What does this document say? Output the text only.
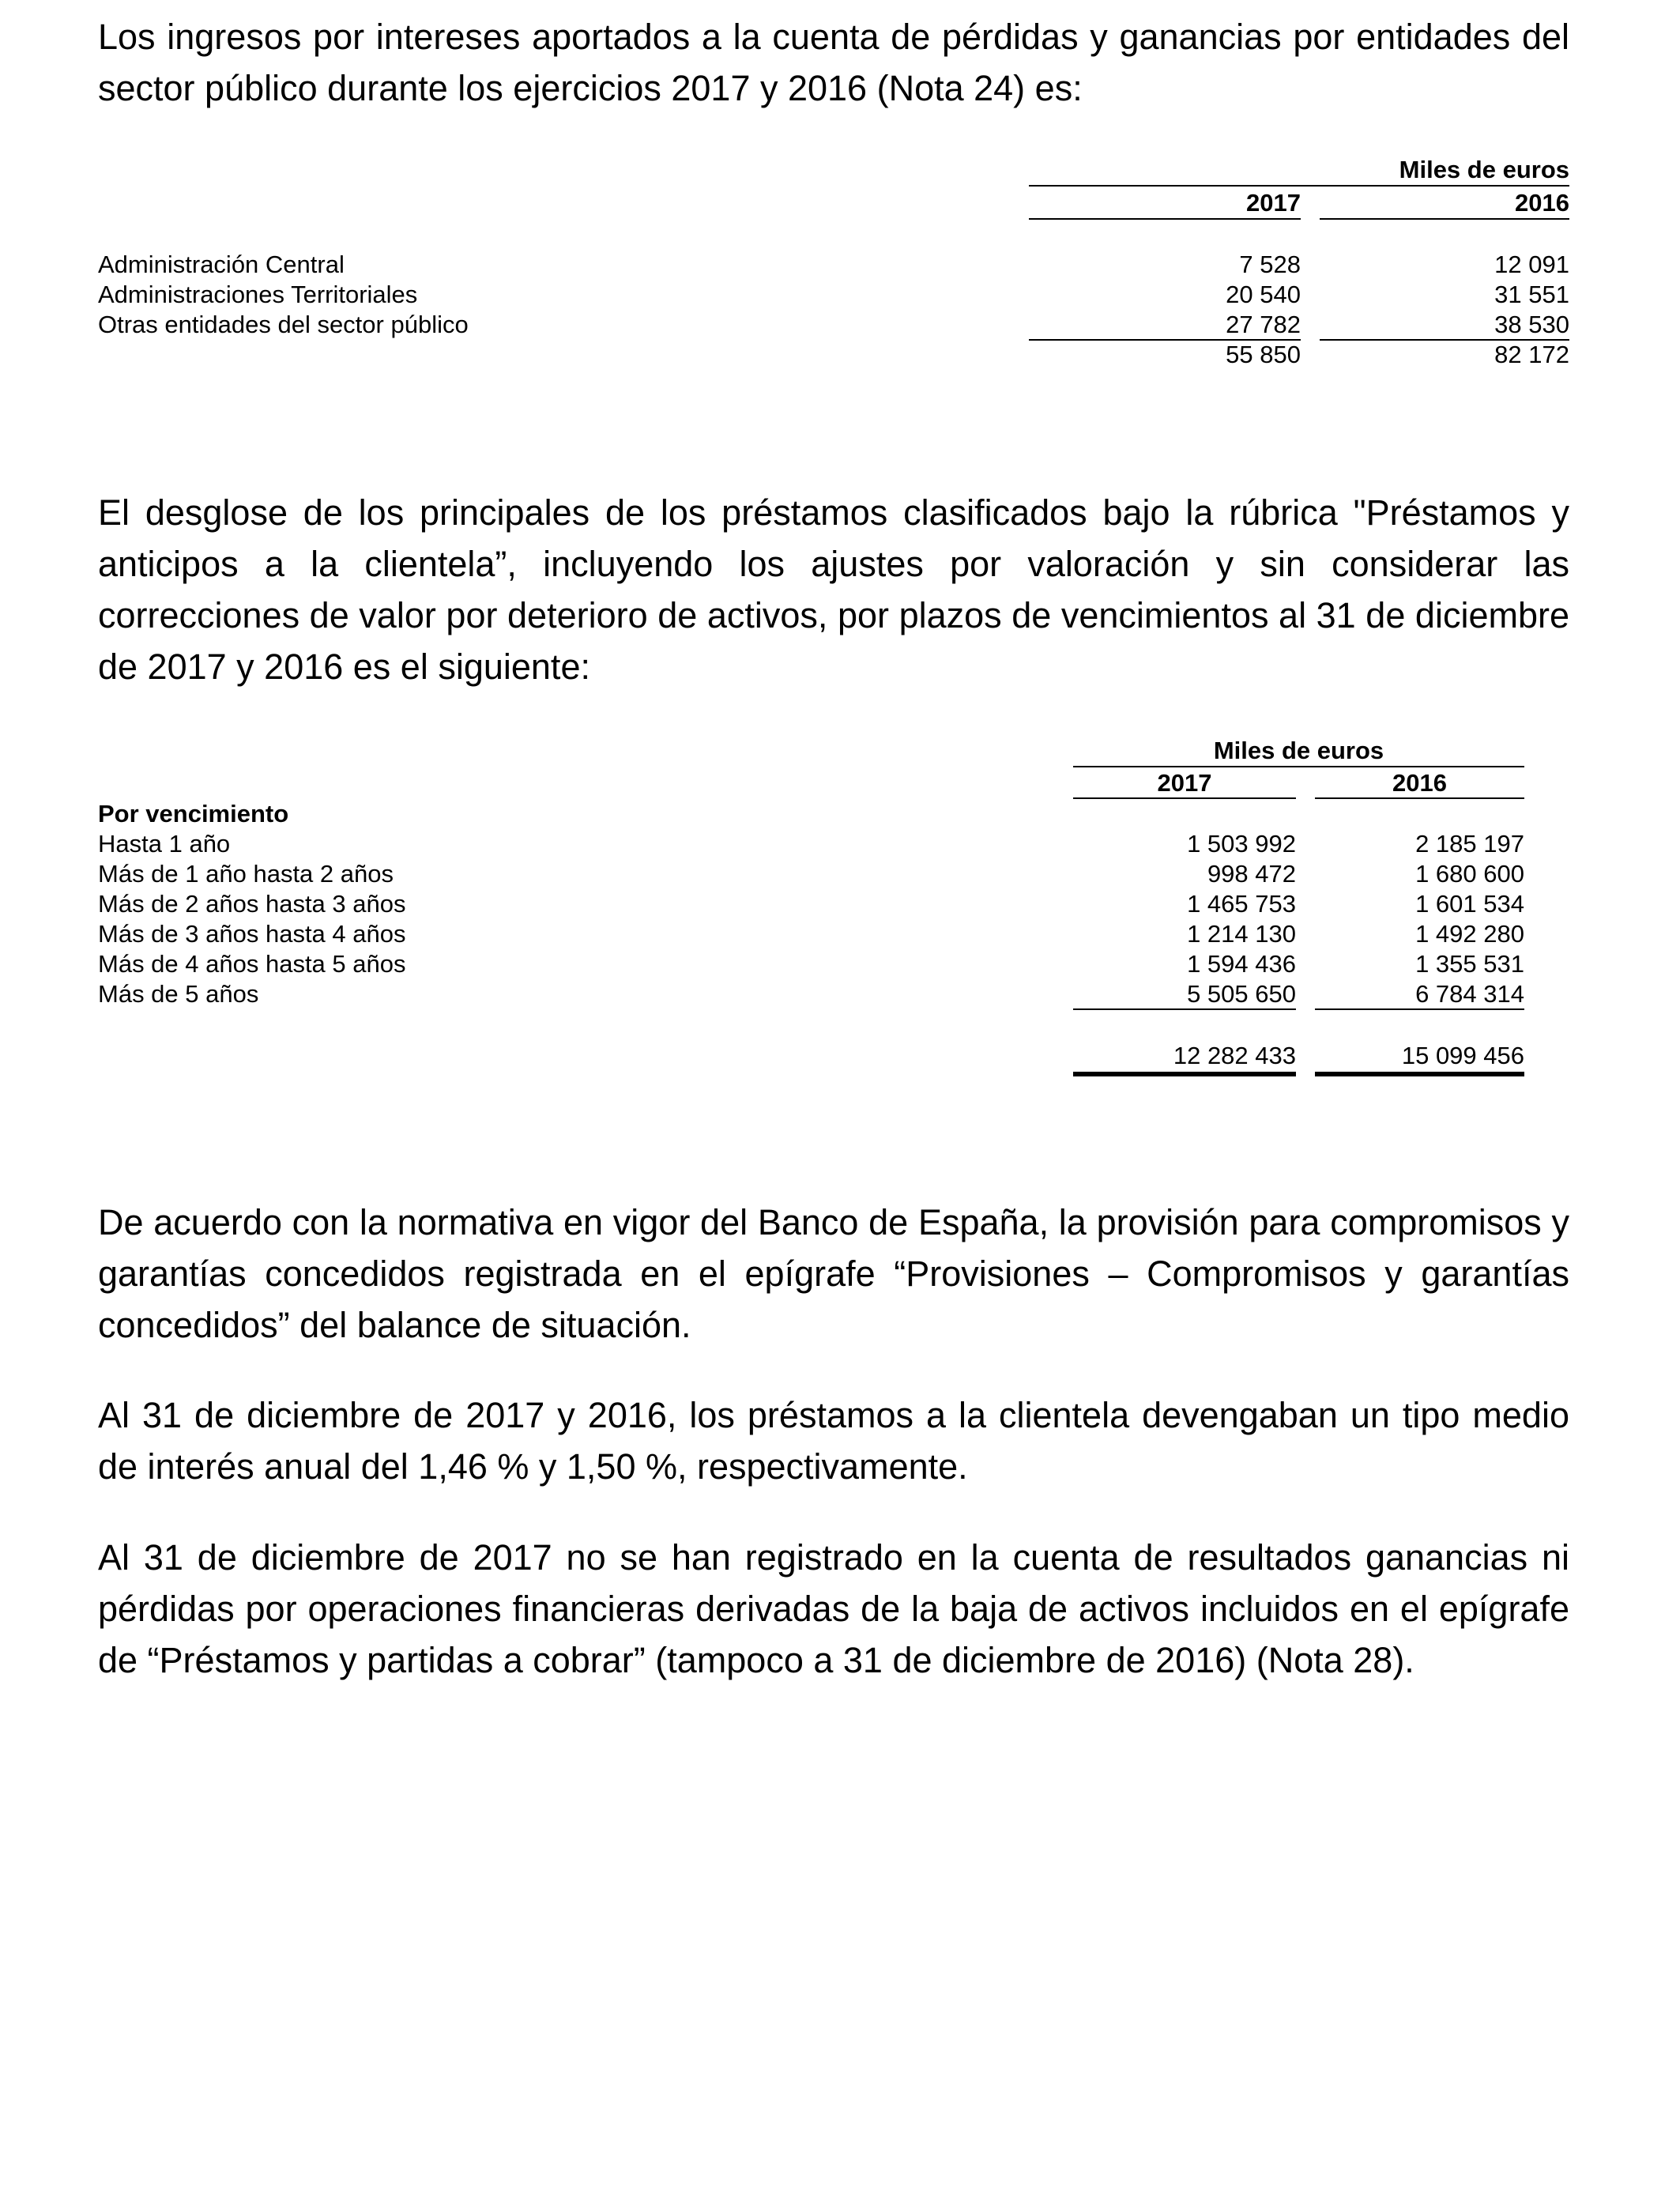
Los ingresos por intereses aportados a la cuenta de pérdidas y ganancias por entidades del sector público durante los ejercicios 2017 y 2016 (Nota 24) es:

Miles de euros
2017	2016
Administración Central	7 528	12 091
Administraciones Territoriales	20 540	31 551
Otras entidades del sector público	27 782	38 530
55 850	82 172

El desglose de los principales de los préstamos clasificados bajo la rúbrica "Préstamos y anticipos a la clientela”, incluyendo los ajustes por valoración y sin considerar las correcciones de valor por deterioro de activos, por plazos de vencimientos al 31 de diciembre de 2017 y 2016 es el siguiente:

Miles de euros
2017	2016
Por vencimiento
Hasta 1 año	1 503 992	2 185 197
Más de 1 año hasta 2 años	998 472	1 680 600
Más de 2 años hasta 3 años	1 465 753	1 601 534
Más de 3 años hasta 4 años	1 214 130	1 492 280
Más de 4 años hasta 5 años	1 594 436	1 355 531
Más de 5 años	5 505 650	6 784 314
12 282 433	15 099 456

De acuerdo con la normativa en vigor del Banco de España, la provisión para compromisos y garantías concedidos registrada en el epígrafe “Provisiones – Compromisos y garantías concedidos” del balance de situación.

Al 31 de diciembre de 2017 y 2016, los préstamos a la clientela devengaban un tipo medio de interés anual del 1,46 % y 1,50 %, respectivamente.

Al 31 de diciembre de 2017 no se han registrado en la cuenta de resultados ganancias ni pérdidas por operaciones financieras derivadas de la baja de activos incluidos en el epígrafe de “Préstamos y partidas a cobrar” (tampoco a 31 de diciembre de 2016) (Nota 28).
